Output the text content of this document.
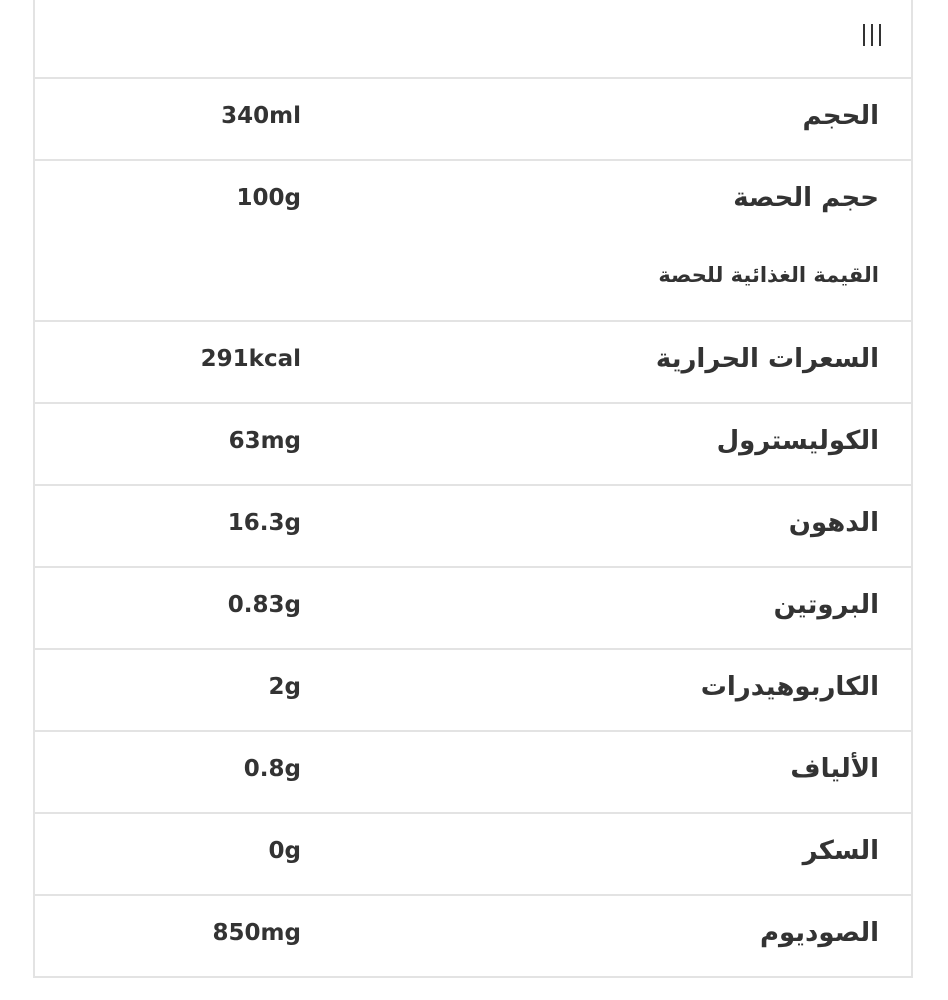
الحجم
340ml
حجم الحصة
100g
القيمة الغذائية للحصة
السعرات الحرارية
291kcal
الكوليسترول
63mg
الدهون
16.3g
البروتين
0.83g
الكاربوهيدرات
2g
الألياف
0.8g
السكر
0g
الصوديوم
850mg
